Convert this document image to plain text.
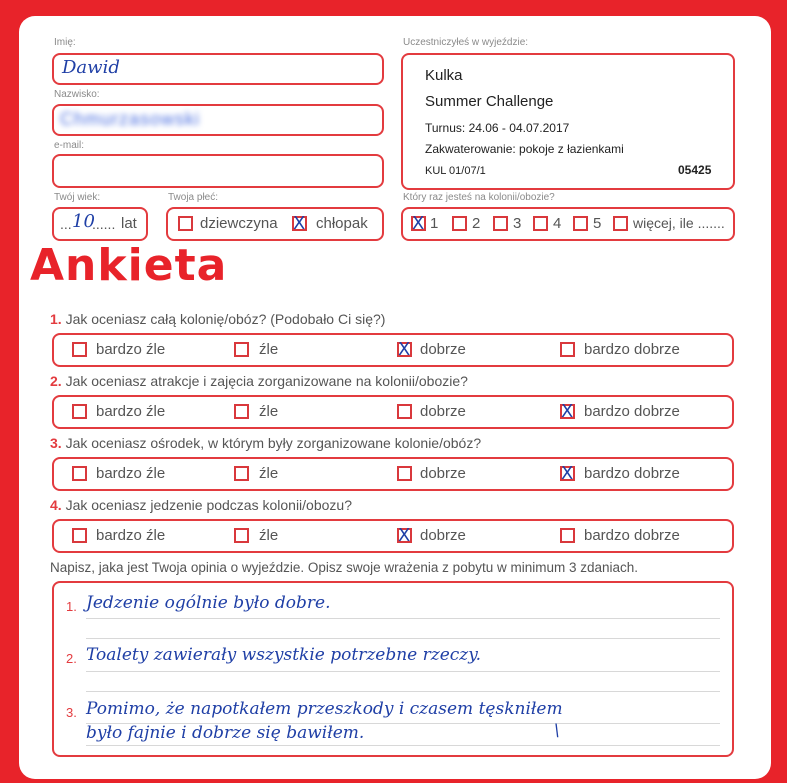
Imię:
Dawid
Nazwisko:
Chmurzasowski
e-mail:
Twój wiek:
... 10
...... lat
Twoja płeć:
dziewczyna X chłopak
Uczestniczyłeś w wyjeździe:
Kulka
Summer Challenge
Turnus: 24.06 - 04.07.2017
Zakwaterowanie: pokoje z łazienkami
KUL 01/07/1	05425
Który raz jesteś na kolonii/obozie?
X 1 2 3 4 5 więcej, ile .......
Ankieta
1. Jak oceniasz całą kolonię/obóz? (Podobało Ci się?)
bardzo źle	źle	X dobrze	bardzo dobrze
2. Jak oceniasz atrakcje i zajęcia zorganizowane na kolonii/obozie?
bardzo źle	źle	dobrze	X bardzo dobrze
3. Jak oceniasz ośrodek, w którym były zorganizowane kolonie/obóz?
bardzo źle	źle	dobrze	X bardzo dobrze
4. Jak oceniasz jedzenie podczas kolonii/obozu?
bardzo źle	źle	X dobrze	bardzo dobrze
Napisz, jaka jest Twoja opinia o wyjeździe. Opisz swoje wrażenia z pobytu w minimum 3 zdaniach.
1. Jedzenie ogólnie było dobre.
2. Toalety zawierały wszystkie potrzebne rzeczy.
3. Pomimo, że napotkałem przeszkody i czasem tęskniłem
było fajnie i dobrze się bawiłem.	\
